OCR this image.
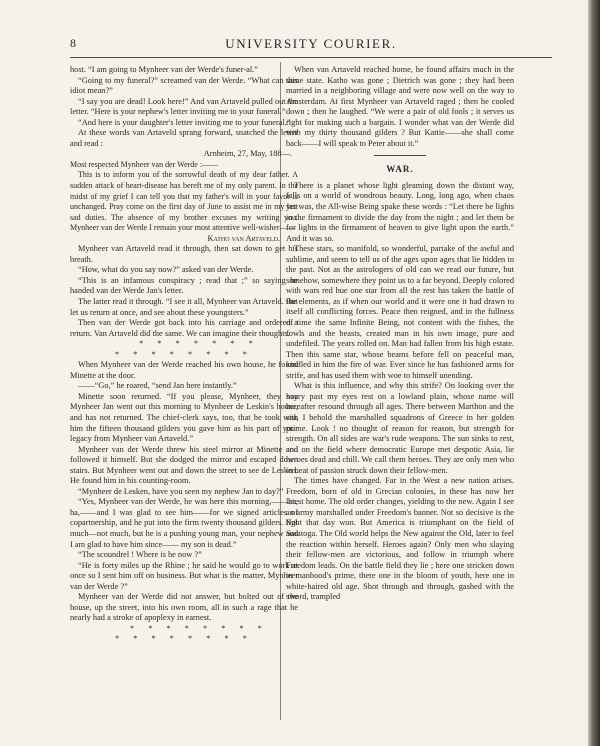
8	UNIVERSITY COURIER.

host. “I am going to Mynheer van der Werde's funer-al.”

“Going to my funeral?” screamed van der Werde. “What can this idiot mean?”

“I say you are dead! Look here!” And van Artaveld pulled out the letter. “Here is your nephew's letter inviting me to your funeral.”

“And here is your daughter's letter inviting me to your funeral.”

At these words van Artaveld sprang forward, snatched the letter and read :

Arnheim, 27, May, 188—.

Most respected Mynheer van der Werde :——

This is to inform you of the sorrowful death of my dear father. A sudden attack of heart-disease has bereft me of my only parent. In the midst of my grief I can tell you that my father's will in your favor is unchanged. Pray come on the first day of June to assist me in my last sad duties. The absence of my brother excuses my writing you. Mynheer van der Werde I remain your most attentive well-wisher——

Katho van Artaveld.

Mynheer van Artaveld read it through, then sat down to get his breath.

“How, what do you say now?” asked van der Werde.

“This is an infamous conspiracy ; read that ;” so saying he handed van der Werde Jan's letter.

The latter read it through. “I see it all, Mynheer van Artaveld. But let us return at once, and see about these youngsters.”

Then van der Werde got back into his carriage and ordered a return. Van Artaveld did the same. We can imagine their thoughts.

* * * * * * *

* * * * * * * *

When Mynheer van der Werde reached his own house, he found Minette at the door.

——“Go,” he roared, “send Jan here instantly.”

Minette soon returned. “If you please, Mynheer, they say Mynheer Jan went out this morning to Mynheer de Leskin's house, and has not returned. The chief-clerk says, too, that he took with him the fifteen thousand gilders you gave him as his part of your legacy from Mynheer van Artaveld.”

Mynheer van der Werde threw his steel mirror at Minette and followed it himself. But she dodged the mirror and escaped down stairs. But Mynheer went out and down the street to see de Lesken. He found him in his counting-room.

“Mynheer de Lesken, have you seen my nephew Jan to day?”

“Yes, Mynheer van der Werde, he was here this morning,——ha, ha,——and I was glad to see him——for we signed articles of copartnership, and he put into the firm twenty thousand gilders. Not much—not much, but he is a pushing young man, your nephew and I am glad to have him since—— my son is dead.”

“The scoundrel ! Where is he now ?”

“He is forty miles up the Rhine ; he said he would go to work at once so I sent him off on business. But what is the matter, Mynheer van der Werde ?”

Mynheer van der Werde did not answer, but bolted out of the house, up the street, into his own room, all in such a rage that he nearly had a stroke of apoplexy in earnest.

* * * * * * * *

* * * * * * * *

When van Artaveld reached home, he found affairs much in the same state. Katho was gone ; Dietrich was gone ; they had been married in a neighboring village and were now well on the way to Amsterdam. At first Mynheer van Artaveld raged ; then he cooled down ; then he laughed. “We were a pair of old fools ; it serves us right for making such a bargain. I wonder what van der Werde did with my thirty thousand gilders ? But Kattie——she shall come back——I will speak to Peter about it.”

WAR.

There is a planet whose light gleaming down the distant way, falls on a world of wondrous beauty. Long, long ago, when chaos yet was, the All-wise Being spake these words : “Let there be lights in the firmament to divide the day from the night ; and let them be for lights in the firmament of heaven to give light upon the earth.” And it was so.

These stars, so manifold, so wonderful, partake of the awful and sublime, and seem to tell us of the ages upon ages that lie hidden in the past. Not as the astrologers of old can we read our future, but somehow, somewhere they point us to a far beyond. Deeply colored with wars red hue one star from all the rest has taken the battle of the elements, as if when our world and it were one it had drawn to itself all conflicting forces. Peace then reigned, and in the fullness of time the same Infinite Being, not content with the fishes, the fowls and the beasts, created man in his own image, pure and undefiled. The years rolled on. Man had fallen from his high estate. Then this same star, whose beams before fell on peaceful man, kindled in him the fire of war. Ever since he has fashioned arms for strife, and has used them with woe to himself unending.

What is this influence, and why this strife? On looking over the hoary past my eyes rest on a lowland plain, whose name will hereafter resound through all ages. There between Marthon and the sea, I behold the marshalled squadrons of Greece in her golden prime. Look ! no thought of reason for reason, but strength for strength. On all sides are war's rude weapons. The sun sinks to rest, and on the field where democratic Europe met despotic Asia, lie heroes dead and chill. We call them heroes. They are only men who in heat of passion struck down their fellow-men.

The times have changed. Far in the West a new nation arises. Freedom, born of old in Grecian colonies, in these has now her latest home. The old order changes, yielding to the new. Again I see an army marshalled under Freedom's banner. Not so decisive is the fight that day won. But America is triumphant on the field of Saratoga. The Old world helps the New against the Old, later to feel the reaction within herself. Heroes again? Only men who slaying their fellow-men are victorious, and follow in triumph where Freedom leads. On the battle field they lie ; here one stricken down in manhood's prime, there one in the bloom of youth, here one in white-haired old age. Shot through and through, gashed with the sword, trampled
